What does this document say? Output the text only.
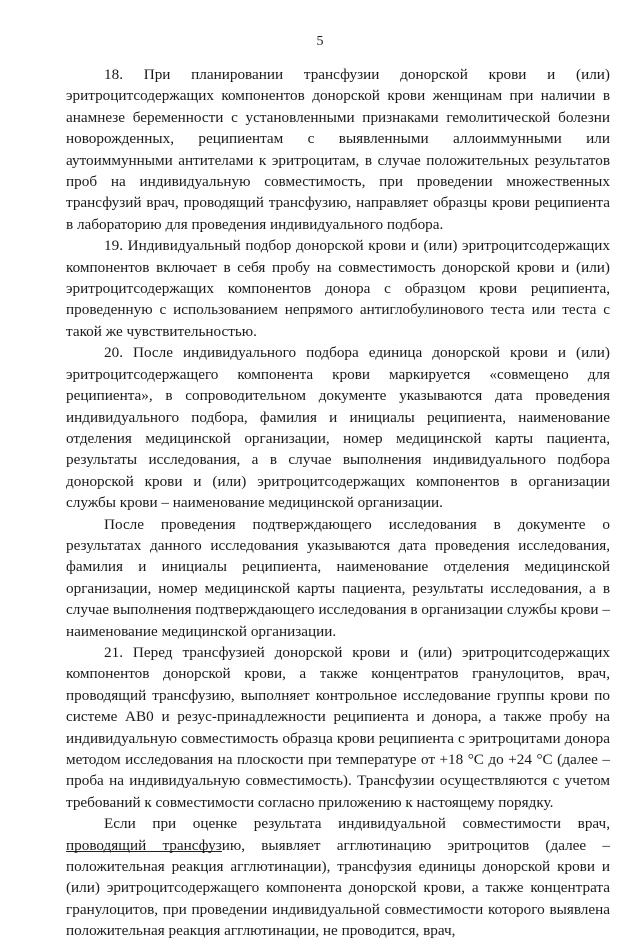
5

18. При планировании трансфузии донорской крови и (или) эритроцитсодержащих компонентов донорской крови женщинам при наличии в анамнезе беременности с установленными признаками гемолитической болезни новорожденных, реципиентам с выявленными аллоиммунными или аутоиммунными антителами к эритроцитам, в случае положительных результатов проб на индивидуальную совместимость, при проведении множественных трансфузий врач, проводящий трансфузию, направляет образцы крови реципиента в лабораторию для проведения индивидуального подбора.

19. Индивидуальный подбор донорской крови и (или) эритроцитсодержащих компонентов включает в себя пробу на совместимость донорской крови и (или) эритроцитсодержащих компонентов донора с образцом крови реципиента, проведенную с использованием непрямого антиглобулинового теста или теста с такой же чувствительностью.

20. После индивидуального подбора единица донорской крови и (или) эритроцитсодержащего компонента крови маркируется «совмещено для реципиента», в сопроводительном документе указываются дата проведения индивидуального подбора, фамилия и инициалы реципиента, наименование отделения медицинской организации, номер медицинской карты пациента, результаты исследования, а в случае выполнения индивидуального подбора донорской крови и (или) эритроцитсодержащих компонентов в организации службы крови – наименование медицинской организации.

После проведения подтверждающего исследования в документе о результатах данного исследования указываются дата проведения исследования, фамилия и инициалы реципиента, наименование отделения медицинской организации, номер медицинской карты пациента, результаты исследования, а в случае выполнения подтверждающего исследования в организации службы крови – наименование медицинской организации.

21. Перед трансфузией донорской крови и (или) эритроцитсодержащих компонентов донорской крови, а также концентратов гранулоцитов, врач, проводящий трансфузию, выполняет контрольное исследование группы крови по системе AB0 и резус-принадлежности реципиента и донора, а также пробу на индивидуальную совместимость образца крови реципиента с эритроцитами донора методом исследования на плоскости при температуре от +18 °C до +24 °C (далее – проба на индивидуальную совместимость). Трансфузии осуществляются с учетом требований к совместимости согласно приложению к настоящему порядку.

Если при оценке результата индивидуальной совместимости врач, проводящий трансфузию, выявляет агглютинацию эритроцитов (далее – положительная реакция агглютинации), трансфузия единицы донорской крови и (или) эритроцитсодержащего компонента донорской крови, а также концентрата гранулоцитов, при проведении индивидуальной совместимости которого выявлена положительная реакция агглютинации, не проводится, врач,
